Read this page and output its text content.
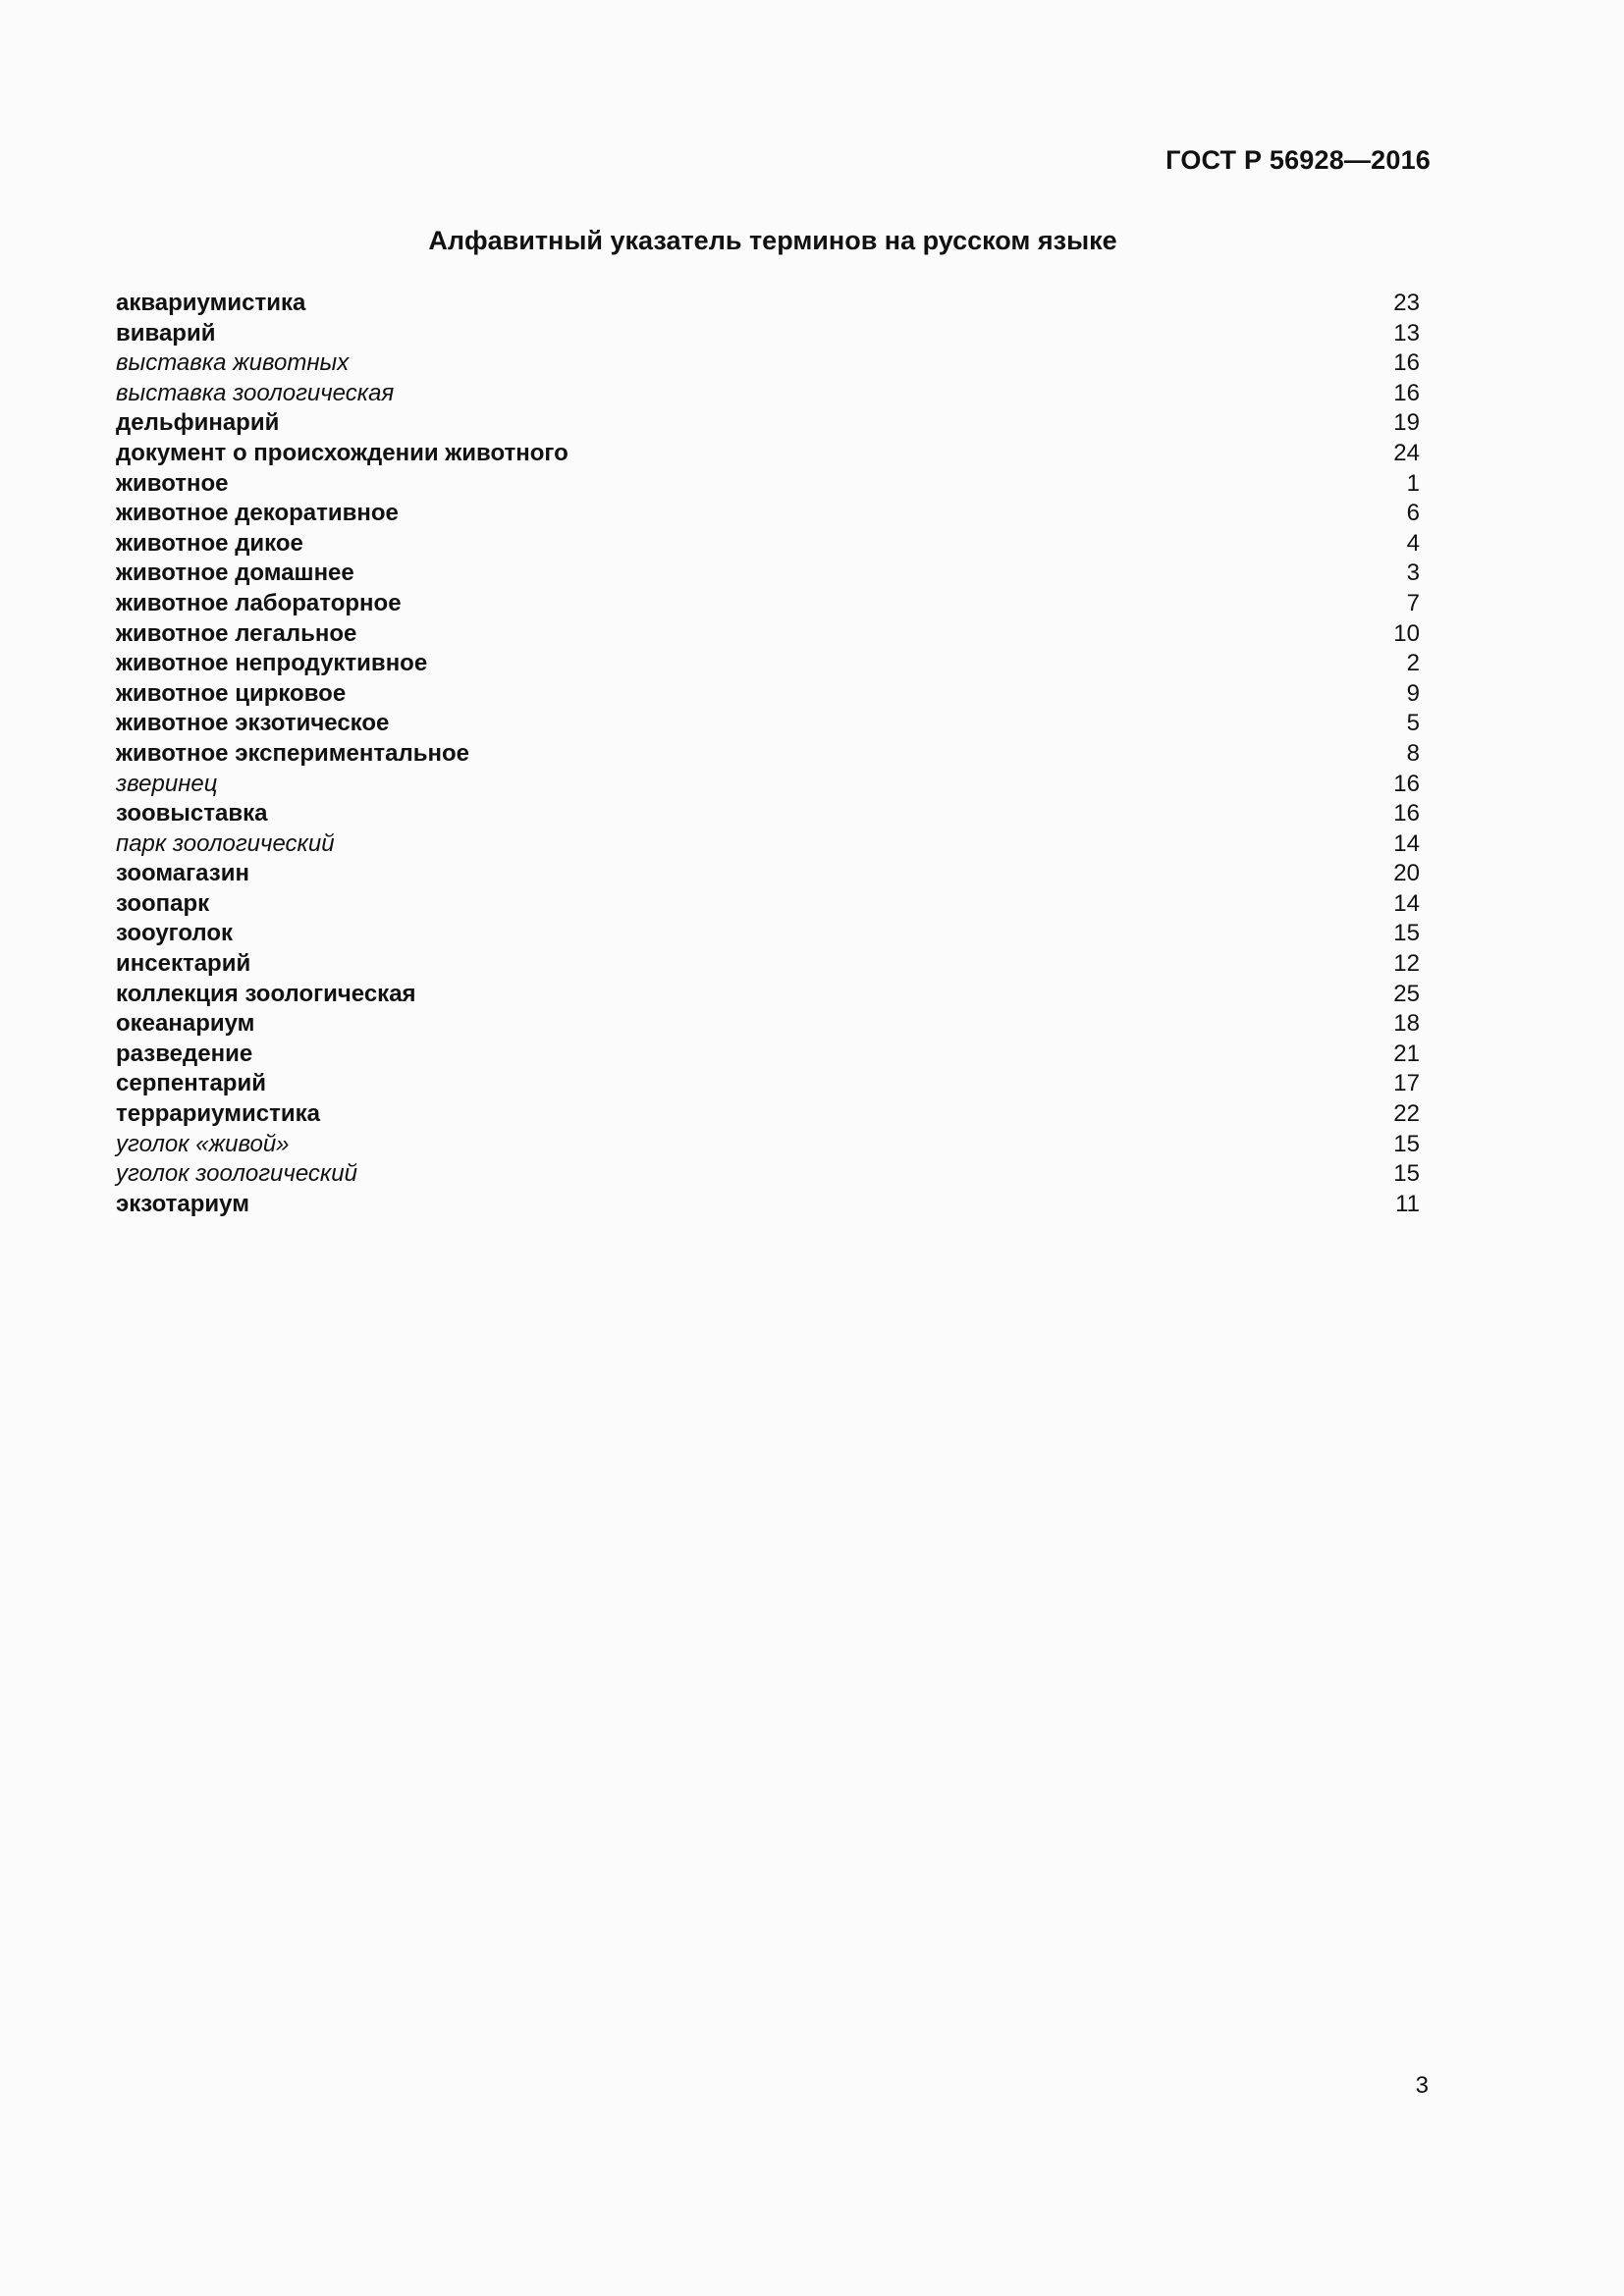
ГОСТ Р 56928—2016
Алфавитный указатель терминов на русском языке
аквариумистика	23
виварий	13
выставка животных	16
выставка зоологическая	16
дельфинарий	19
документ о происхождении животного	24
животное	1
животное декоративное	6
животное дикое	4
животное домашнее	3
животное лабораторное	7
животное легальное	10
животное непродуктивное	2
животное цирковое	9
животное экзотическое	5
животное экспериментальное	8
зверинец	16
зоовыставка	16
парк зоологический	14
зоомагазин	20
зоопарк	14
зооуголок	15
инсектарий	12
коллекция зоологическая	25
океанариум	18
разведение	21
серпентарий	17
террариумистика	22
уголок «живой»	15
уголок зоологический	15
экзотариум	11
3
